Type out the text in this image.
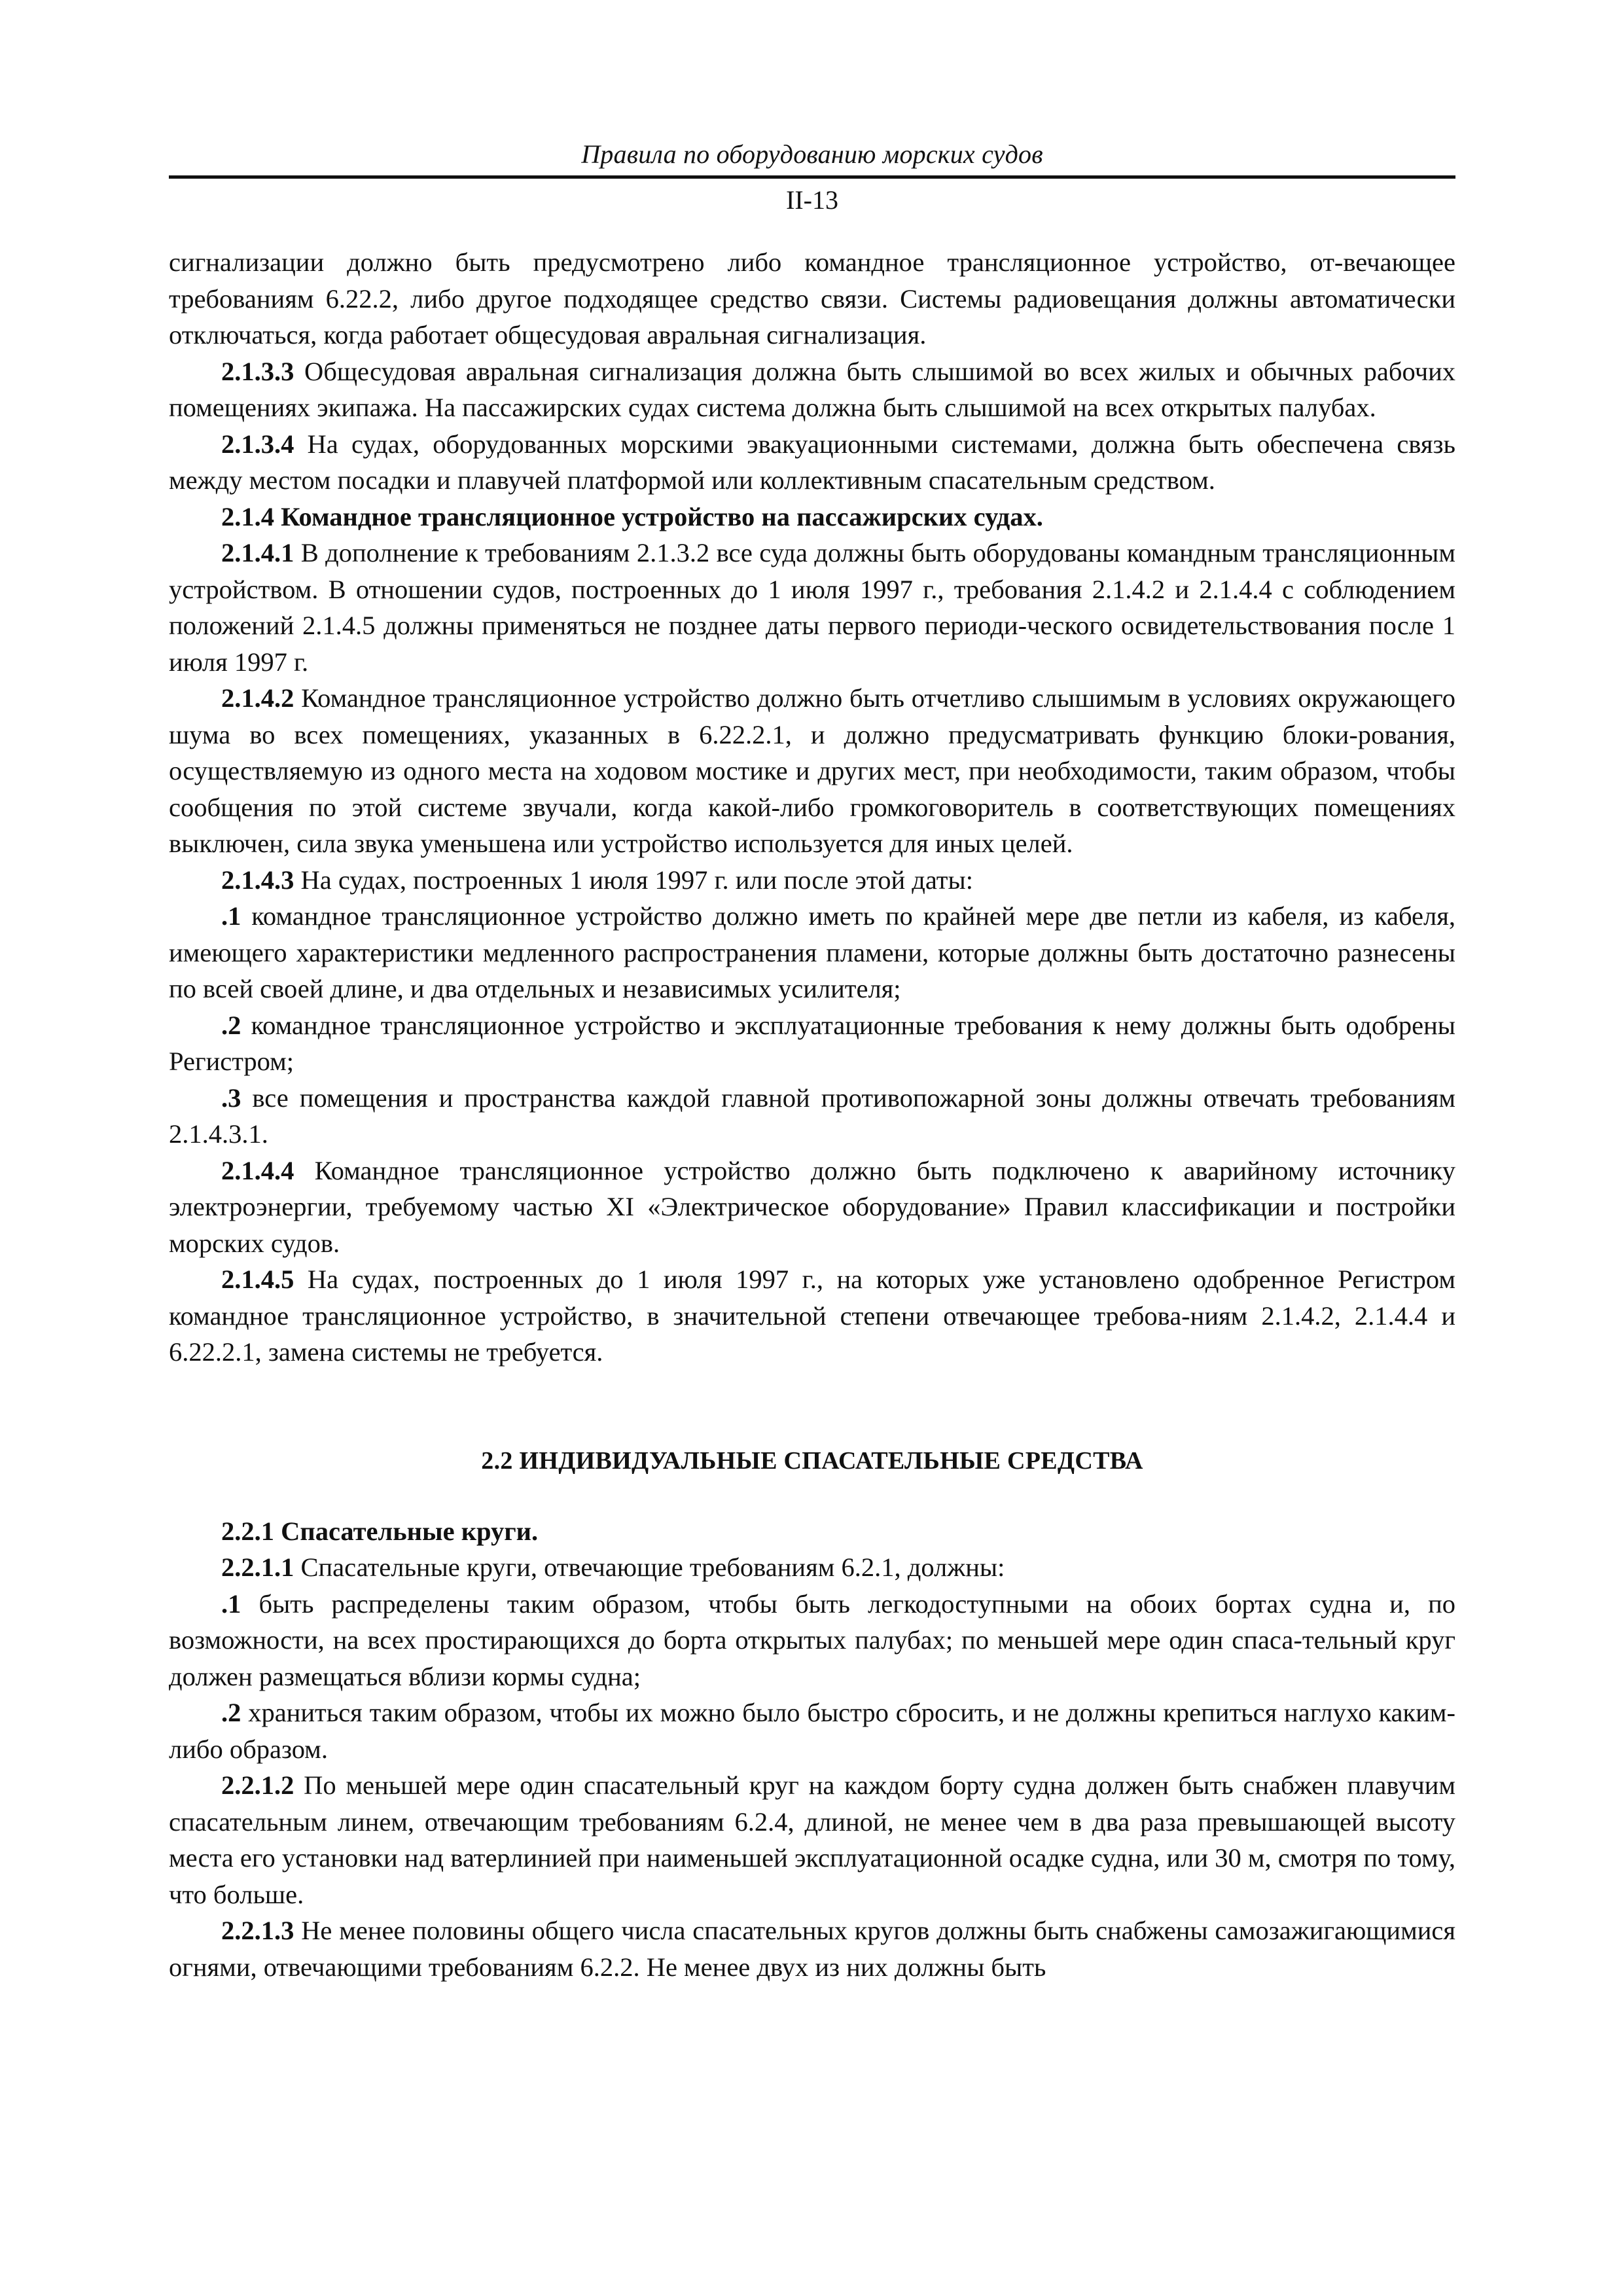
Правила по оборудованию морских судов
II-13

сигнализации должно быть предусмотрено либо командное трансляционное устройство, от-вечающее требованиям 6.22.2, либо другое подходящее средство связи. Системы радиовещания должны автоматически отключаться, когда работает общесудовая авральная сигнализация.

2.1.3.3 Общесудовая авральная сигнализация должна быть слышимой во всех жилых и обычных рабочих помещениях экипажа. На пассажирских судах система должна быть слышимой на всех открытых палубах.

2.1.3.4 На судах, оборудованных морскими эвакуационными системами, должна быть обеспечена связь между местом посадки и плавучей платформой или коллективным спасательным средством.

2.1.4 Командное трансляционное устройство на пассажирских судах.

2.1.4.1 В дополнение к требованиям 2.1.3.2 все суда должны быть оборудованы командным трансляционным устройством. В отношении судов, построенных до 1 июля 1997 г., требования 2.1.4.2 и 2.1.4.4 с соблюдением положений 2.1.4.5 должны применяться не позднее даты первого периоди-ческого освидетельствования после 1 июля 1997 г.

2.1.4.2 Командное трансляционное устройство должно быть отчетливо слышимым в условиях окружающего шума во всех помещениях, указанных в 6.22.2.1, и должно предусматривать функцию блоки-рования, осуществляемую из одного места на ходовом мостике и других мест, при необходимости, таким образом, чтобы сообщения по этой системе звучали, когда какой-либо громкоговоритель в соответствующих помещениях выключен, сила звука уменьшена или устройство используется для иных целей.

2.1.4.3 На судах, построенных 1 июля 1997 г. или после этой даты:

.1 командное трансляционное устройство должно иметь по крайней мере две петли из кабеля, из кабеля, имеющего характеристики медленного распространения пламени, которые должны быть достаточно разнесены по всей своей длине, и два отдельных и независимых усилителя;

.2 командное трансляционное устройство и эксплуатационные требования к нему должны быть одобрены Регистром;

.3 все помещения и пространства каждой главной противопожарной зоны должны отвечать требованиям 2.1.4.3.1.

2.1.4.4 Командное трансляционное устройство должно быть подключено к аварийному источнику электроэнергии, требуемому частью XI «Электрическое оборудование» Правил классификации и постройки морских судов.

2.1.4.5 На судах, построенных до 1 июля 1997 г., на которых уже установлено одобренное Регистром командное трансляционное устройство, в значительной степени отвечающее требова-ниям 2.1.4.2, 2.1.4.4 и 6.22.2.1, замена системы не требуется.

2.2 ИНДИВИДУАЛЬНЫЕ СПАСАТЕЛЬНЫЕ СРЕДСТВА

2.2.1 Спасательные круги.

2.2.1.1 Спасательные круги, отвечающие требованиям 6.2.1, должны:

.1 быть распределены таким образом, чтобы быть легкодоступными на обоих бортах судна и, по возможности, на всех простирающихся до борта открытых палубах; по меньшей мере один спаса-тельный круг должен размещаться вблизи кормы судна;

.2 храниться таким образом, чтобы их можно было быстро сбросить, и не должны крепиться наглухо каким-либо образом.

2.2.1.2 По меньшей мере один спасательный круг на каждом борту судна должен быть снабжен плавучим спасательным линем, отвечающим требованиям 6.2.4, длиной, не менее чем в два раза превышающей высоту места его установки над ватерлинией при наименьшей эксплуатационной осадке судна, или 30 м, смотря по тому, что больше.

2.2.1.3 Не менее половины общего числа спасательных кругов должны быть снабжены самозажигающимися огнями, отвечающими требованиям 6.2.2. Не менее двух из них должны быть
